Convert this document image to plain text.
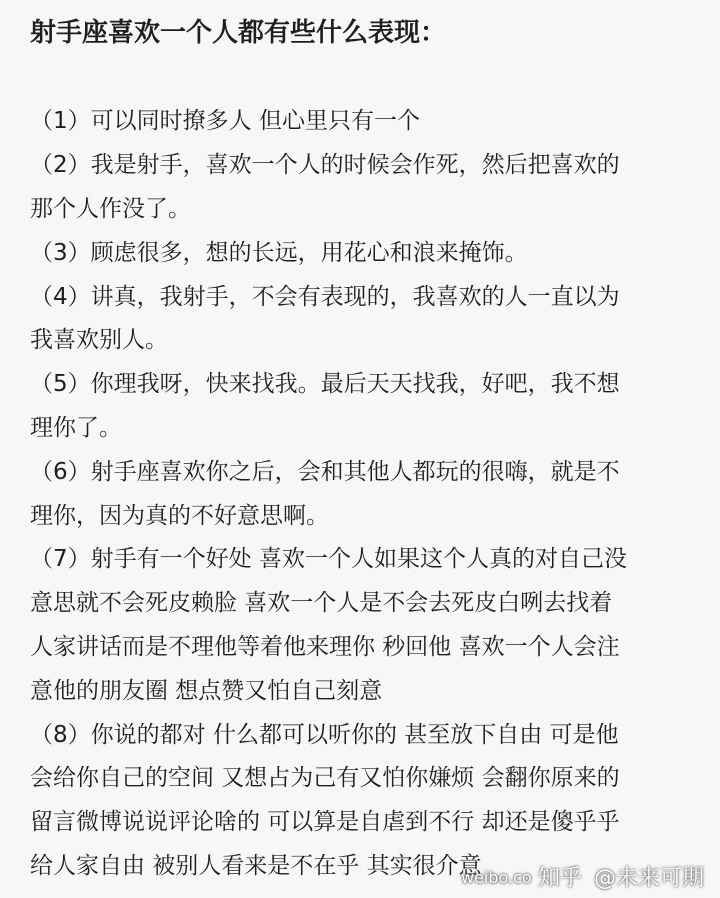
射手座喜欢一个人都有些什么表现：
（1）可以同时撩多人 但心里只有一个
（2）我是射手，喜欢一个人的时候会作死，然后把喜欢的
那个人作没了。
（3）顾虑很多，想的长远，用花心和浪来掩饰。
（4）讲真，我射手，不会有表现的，我喜欢的人一直以为
我喜欢别人。
（5）你理我呀，快来找我。最后天天找我，好吧，我不想
理你了。
（6）射手座喜欢你之后，会和其他人都玩的很嗨，就是不
理你，因为真的不好意思啊。
（7）射手有一个好处 喜欢一个人如果这个人真的对自己没
意思就不会死皮赖脸 喜欢一个人是不会去死皮白咧去找着
人家讲话而是不理他等着他来理你 秒回他 喜欢一个人会注
意他的朋友圈 想点赞又怕自己刻意
（8）你说的都对 什么都可以听你的 甚至放下自由 可是他
会给你自己的空间 又想占为己有又怕你嫌烦 会翻你原来的
留言微博说说评论啥的 可以算是自虐到不行 却还是傻乎乎
给人家自由 被别人看来是不在乎 其实很介意
weibo.co 知乎 @未来可期
